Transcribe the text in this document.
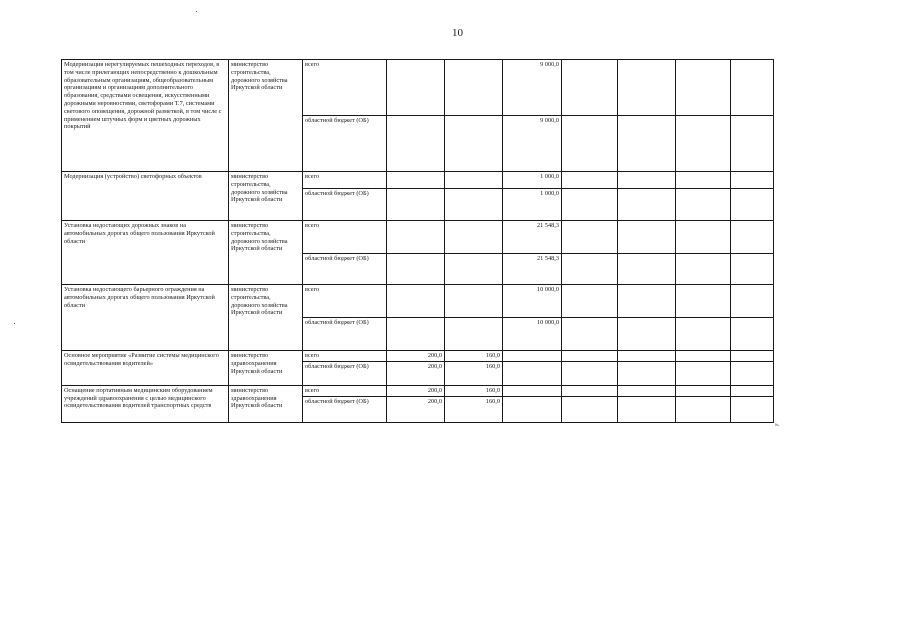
10
Модернизация нерегулируемых пешеходных переходов, в том числе прилегающих непосредственно к дошкольным образовательным организациям, общеобразовательным организациям и организациям дополнительного образования, средствами освещения, искусственными дорожными неровностями, светофорами Т.7, системами светового оповещения, дорожной разметкой, в том числе с применением штучных форм и цветных дорожных покрытий	министерство строительства, дорожного хозяйства Иркутской области	всего			9 000,0				
		областной бюджет (ОБ)			9 000,0				
Модернизация (устройство) светофорных объектов	министерство строительства, дорожного хозяйства Иркутской области	всего			1 000,0				
		областной бюджет (ОБ)			1 000,0				
Установка недостающих дорожных знаков на автомобильных дорогах общего пользования Иркутской области	министерство строительства, дорожного хозяйства Иркутской области	всего			21 548,3				
		областной бюджет (ОБ)			21 548,3				
Установка недостающего барьерного ограждения на автомобильных дорогах общего пользования Иркутской области	министерство строительства, дорожного хозяйства Иркутской области	всего			10 000,0				
		областной бюджет (ОБ)			10 000,0				
Основное мероприятие «Развитие системы медицинского освидетельствования водителей»	министерство здравоохранения Иркутской области	всего	200,0	160,0					
		областной бюджет (ОБ)	200,0	160,0					
Оснащение портативным медицинским оборудованием учреждений здравоохранения с целью медицинского освидетельствования водителей транспортных средств	министерство здравоохранения Иркутской области	всего	200,0	160,0					
		областной бюджет (ОБ)	200,0	160,0					
».
